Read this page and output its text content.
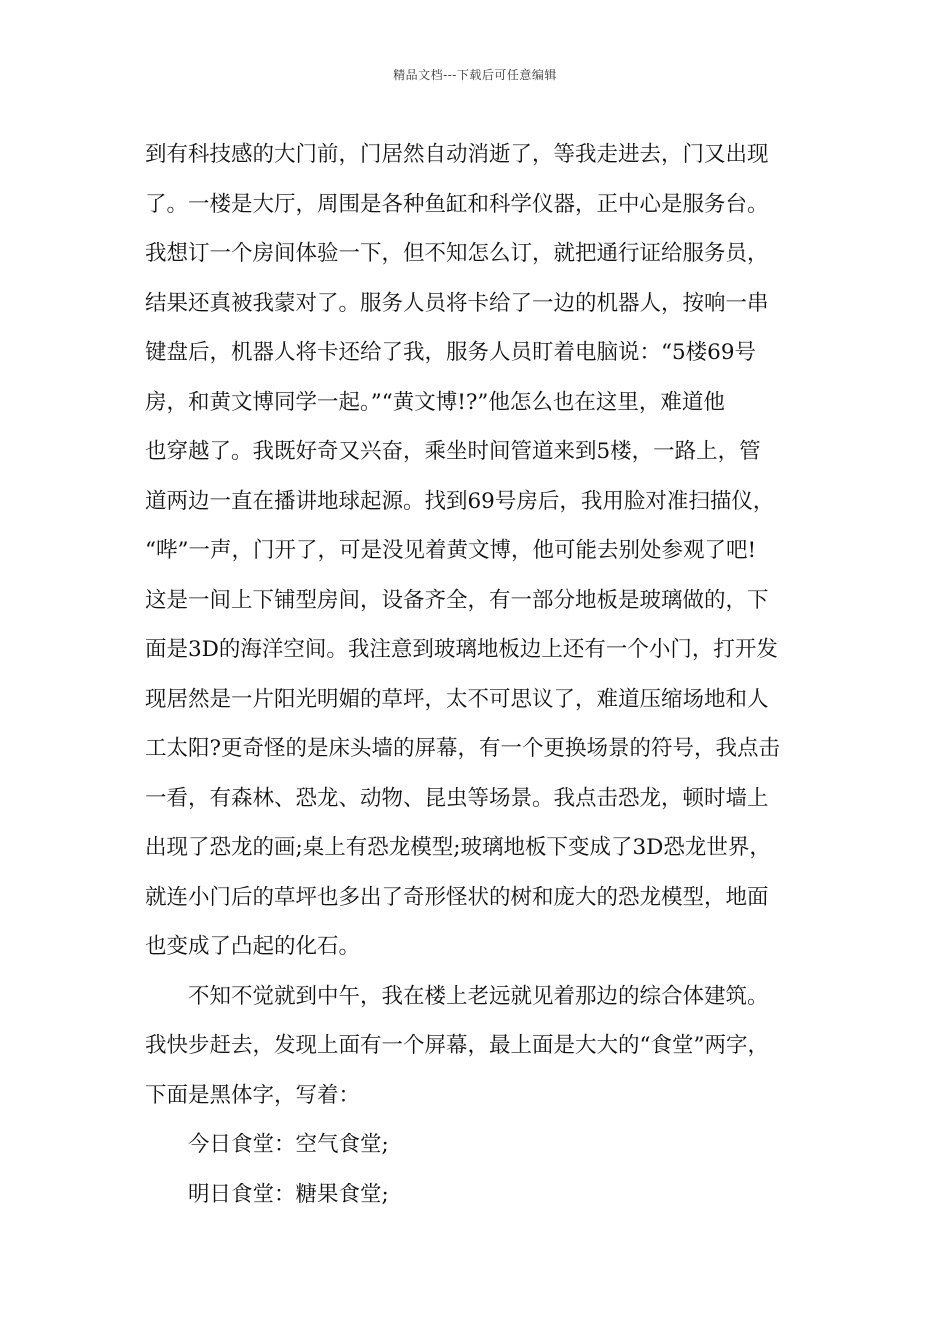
精品文档---下载后可任意编辑
到有科技感的大门前，门居然自动消逝了，等我走进去，门又出现
了。一楼是大厅，周围是各种鱼缸和科学仪器，正中心是服务台。
我想订一个房间体验一下，但不知怎么订，就把通行证给服务员，
结果还真被我蒙对了。服务人员将卡给了一边的机器人，按响一串
键盘后，机器人将卡还给了我，服务人员盯着电脑说：“5楼69号
房，和黄文博同学一起。”“黄文博!?”他怎么也在这里，难道他
也穿越了。我既好奇又兴奋，乘坐时间管道来到5楼，一路上，管
道两边一直在播讲地球起源。找到69号房后，我用脸对准扫描仪，
“哔”一声，门开了，可是没见着黄文博，他可能去别处参观了吧!
这是一间上下铺型房间，设备齐全，有一部分地板是玻璃做的，下
面是3D的海洋空间。我注意到玻璃地板边上还有一个小门，打开发
现居然是一片阳光明媚的草坪，太不可思议了，难道压缩场地和人
工太阳?更奇怪的是床头墙的屏幕，有一个更换场景的符号，我点击
一看，有森林、恐龙、动物、昆虫等场景。我点击恐龙，顿时墙上
出现了恐龙的画;桌上有恐龙模型;玻璃地板下变成了3D恐龙世界，
就连小门后的草坪也多出了奇形怪状的树和庞大的恐龙模型，地面
也变成了凸起的化石。
不知不觉就到中午，我在楼上老远就见着那边的综合体建筑。
我快步赶去，发现上面有一个屏幕，最上面是大大的“食堂”两字，
下面是黑体字，写着：
今日食堂：空气食堂;
明日食堂：糖果食堂;
